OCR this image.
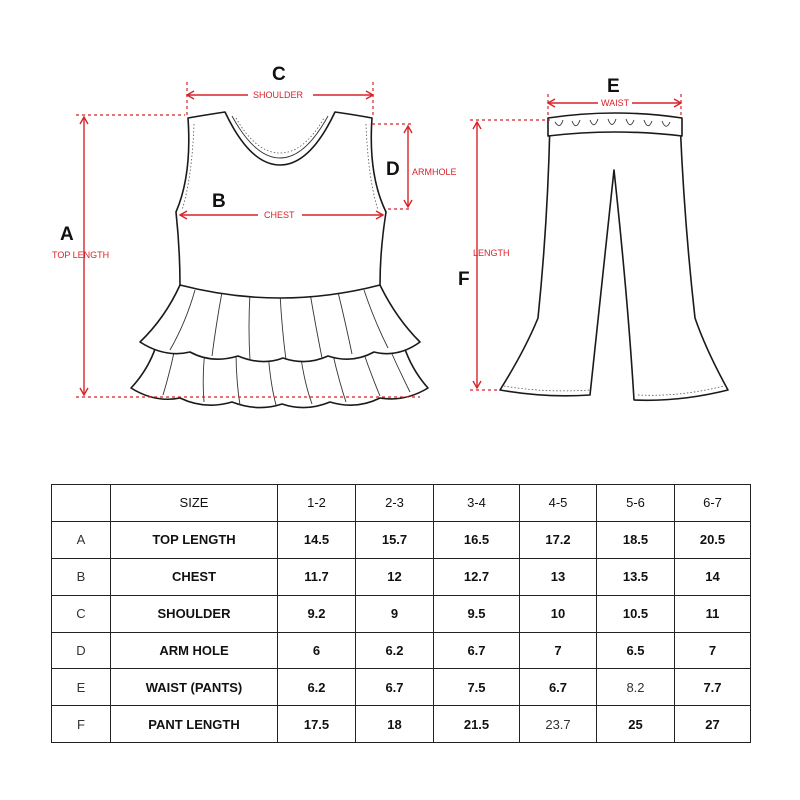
A
TOP LENGTH
C
SHOULDER
B
CHEST
D ARMHOLE
E
WAIST
F
LENGTH
	SIZE	1-2	2-3	3-4	4-5	5-6	6-7
A	TOP LENGTH	14.5	15.7	16.5	17.2	18.5	20.5
B	CHEST	11.7	12	12.7	13	13.5	14
C	SHOULDER	9.2	9	9.5	10	10.5	11
D	ARM HOLE	6	6.2	6.7	7	6.5	7
E	WAIST (PANTS)	6.2	6.7	7.5	6.7	8.2	7.7
F	PANT LENGTH	17.5	18	21.5	23.7	25	27
